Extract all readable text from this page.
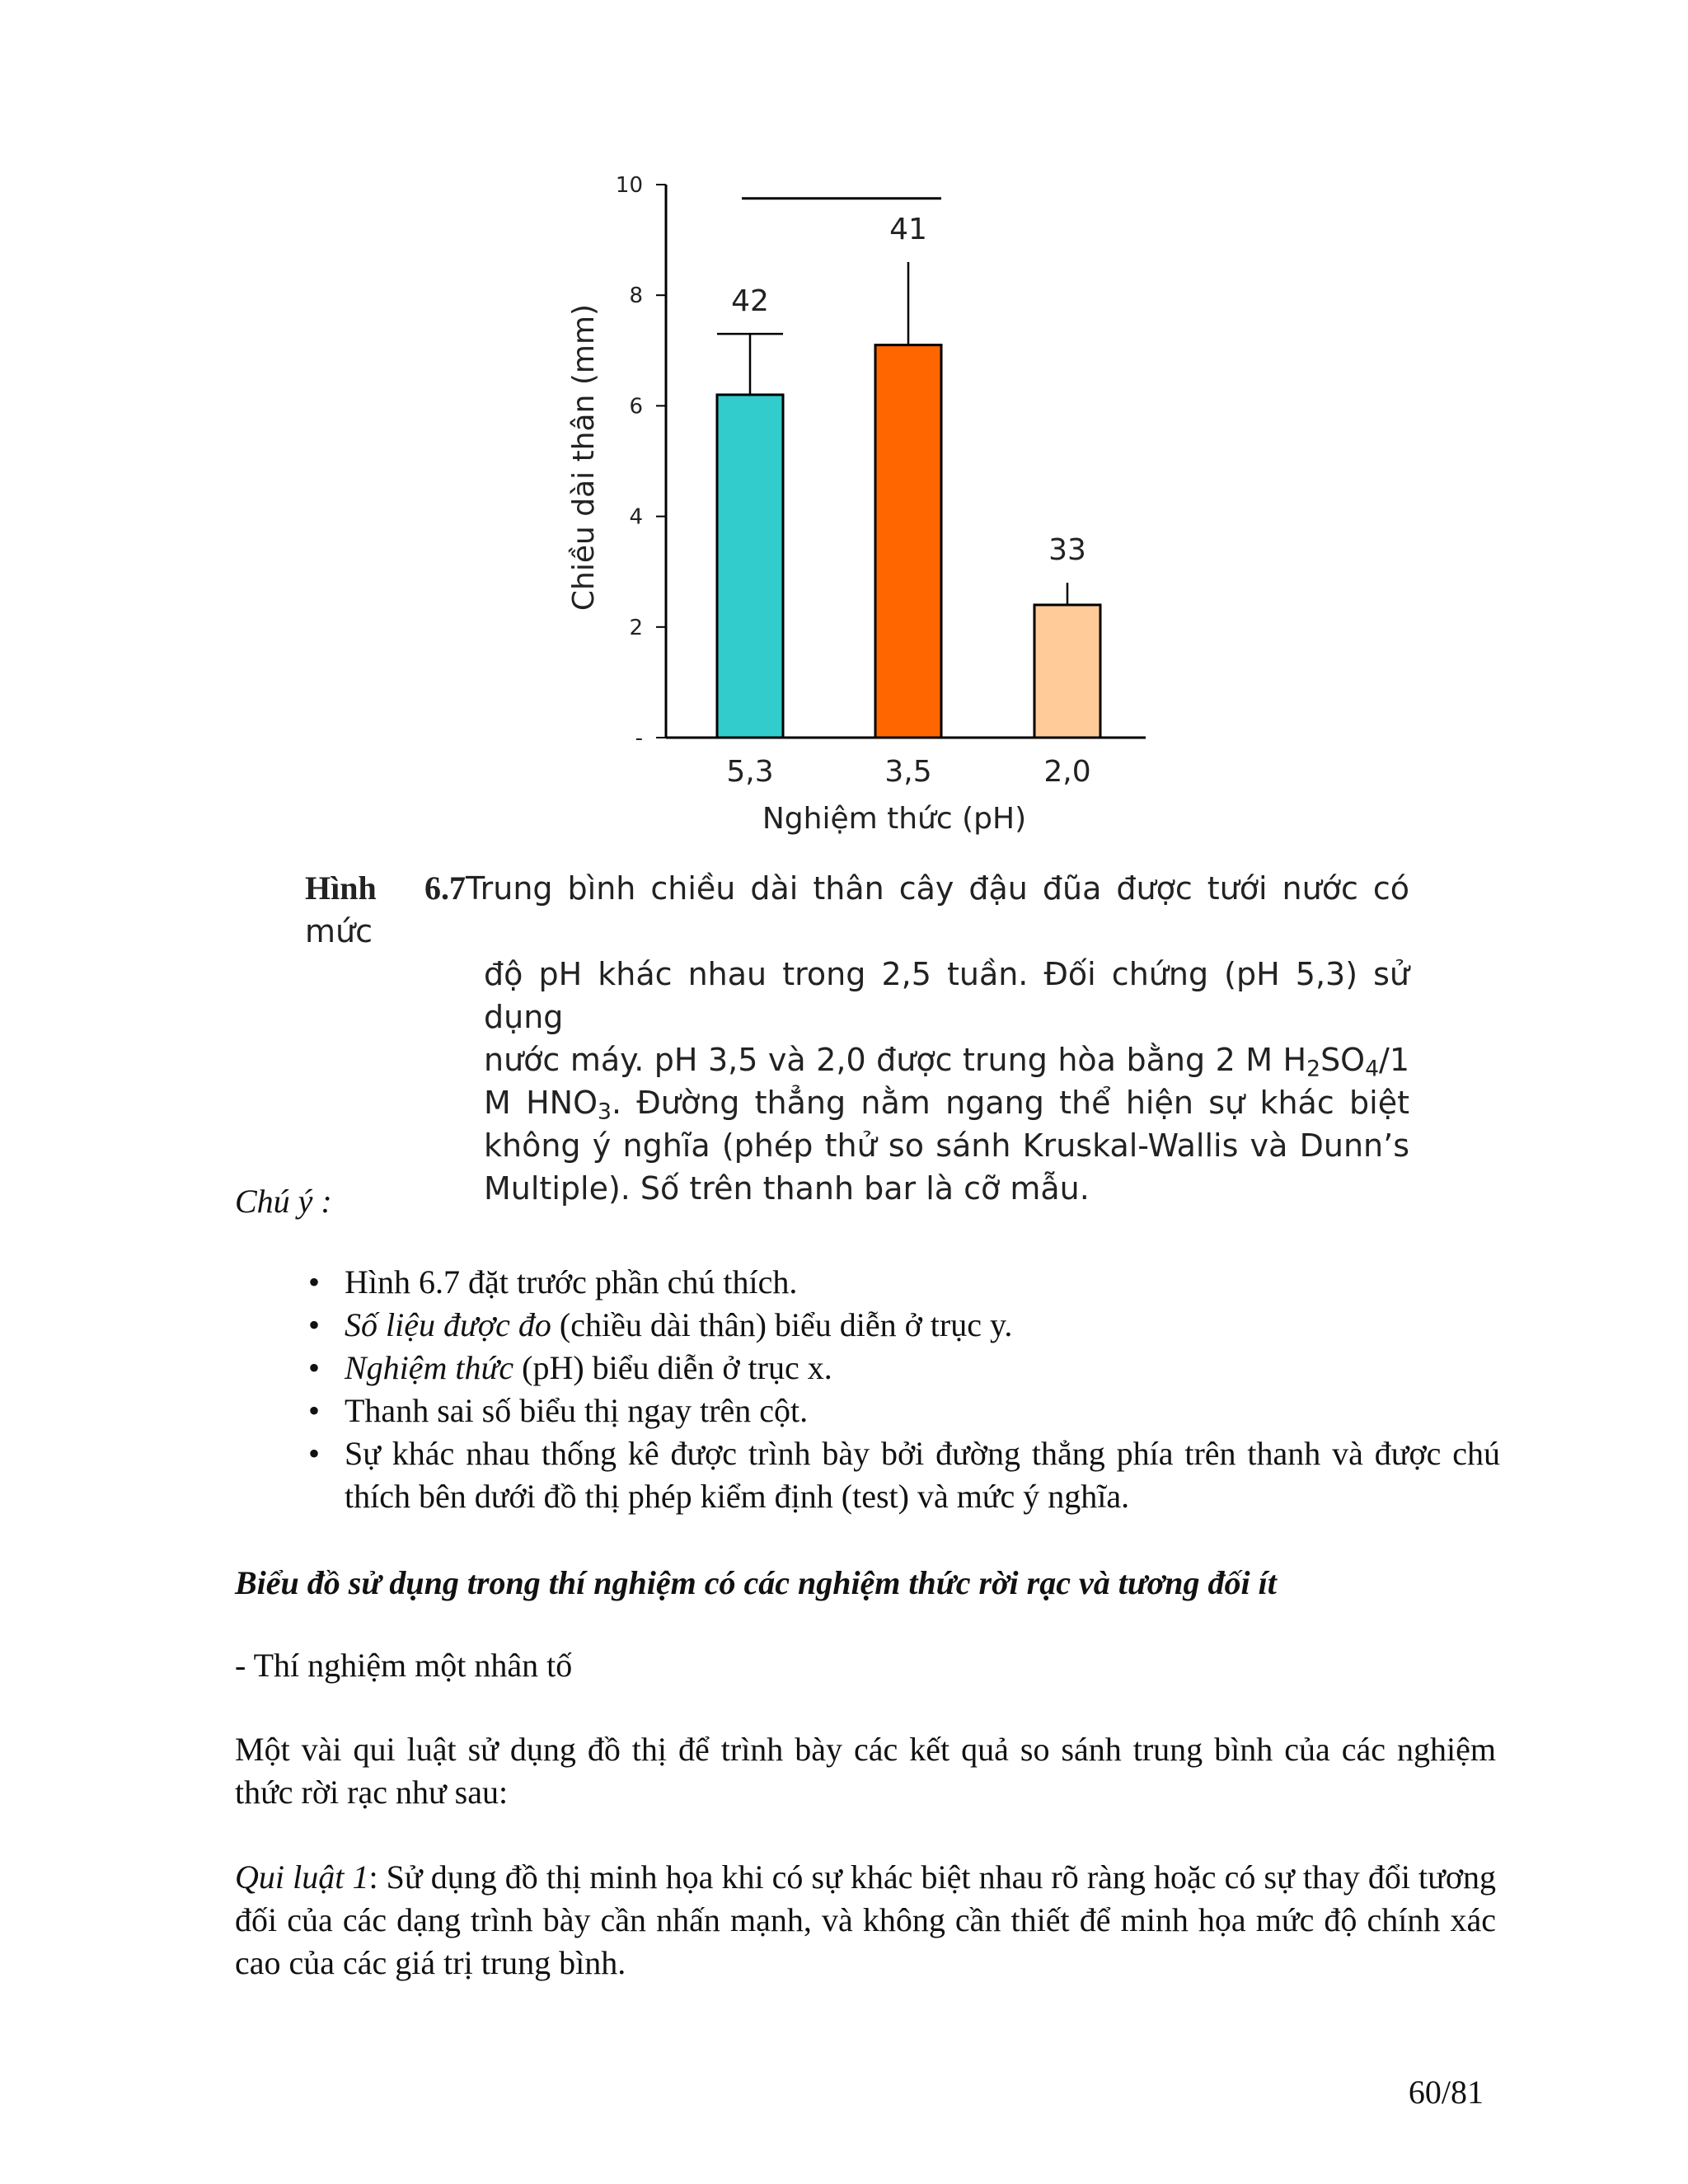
-
2
4
6
8
10
42
5,3
41
3,5
33
2,0
Chiều dài thân (mm)
Nghiệm thức (pH)
Hình 6.7Trung bình chiều dài thân cây đậu đũa được tưới nước có mức
độ pH khác nhau trong 2,5 tuần. Đối chứng (pH 5,3) sử dụng
nước máy. pH 3,5 và 2,0 được trung hòa bằng 2 M $H_2SO_4/1$
M $HNO_3$. Đường thẳng nằm ngang thể hiện sự khác biệt
không ý nghĩa (phép thử so sánh Kruskal-Wallis và Dunn’s
Multiple). Số trên thanh bar là cỡ mẫu.
Chú ý :
• Hình 6.7 đặt trước phần chú thích.
• Số liệu được đo (chiều dài thân) biểu diễn ở trục y.
• Nghiệm thức (pH) biểu diễn ở trục x.
• Thanh sai số biểu thị ngay trên cột.
• Sự khác nhau thống kê được trình bày bởi đường thẳng phía trên thanh và được chú thích bên dưới đồ thị phép kiểm định (test) và mức ý nghĩa.
Biểu đồ sử dụng trong thí nghiệm có các nghiệm thức rời rạc và tương đối ít
- Thí nghiệm một nhân tố
Một vài qui luật sử dụng đồ thị để trình bày các kết quả so sánh trung bình của các nghiệm thức rời rạc như sau:
Qui luật 1: Sử dụng đồ thị minh họa khi có sự khác biệt nhau rõ ràng hoặc có sự thay đổi tương đối của các dạng trình bày cần nhấn mạnh, và không cần thiết để minh họa mức độ chính xác cao của các giá trị trung bình.
60/81
